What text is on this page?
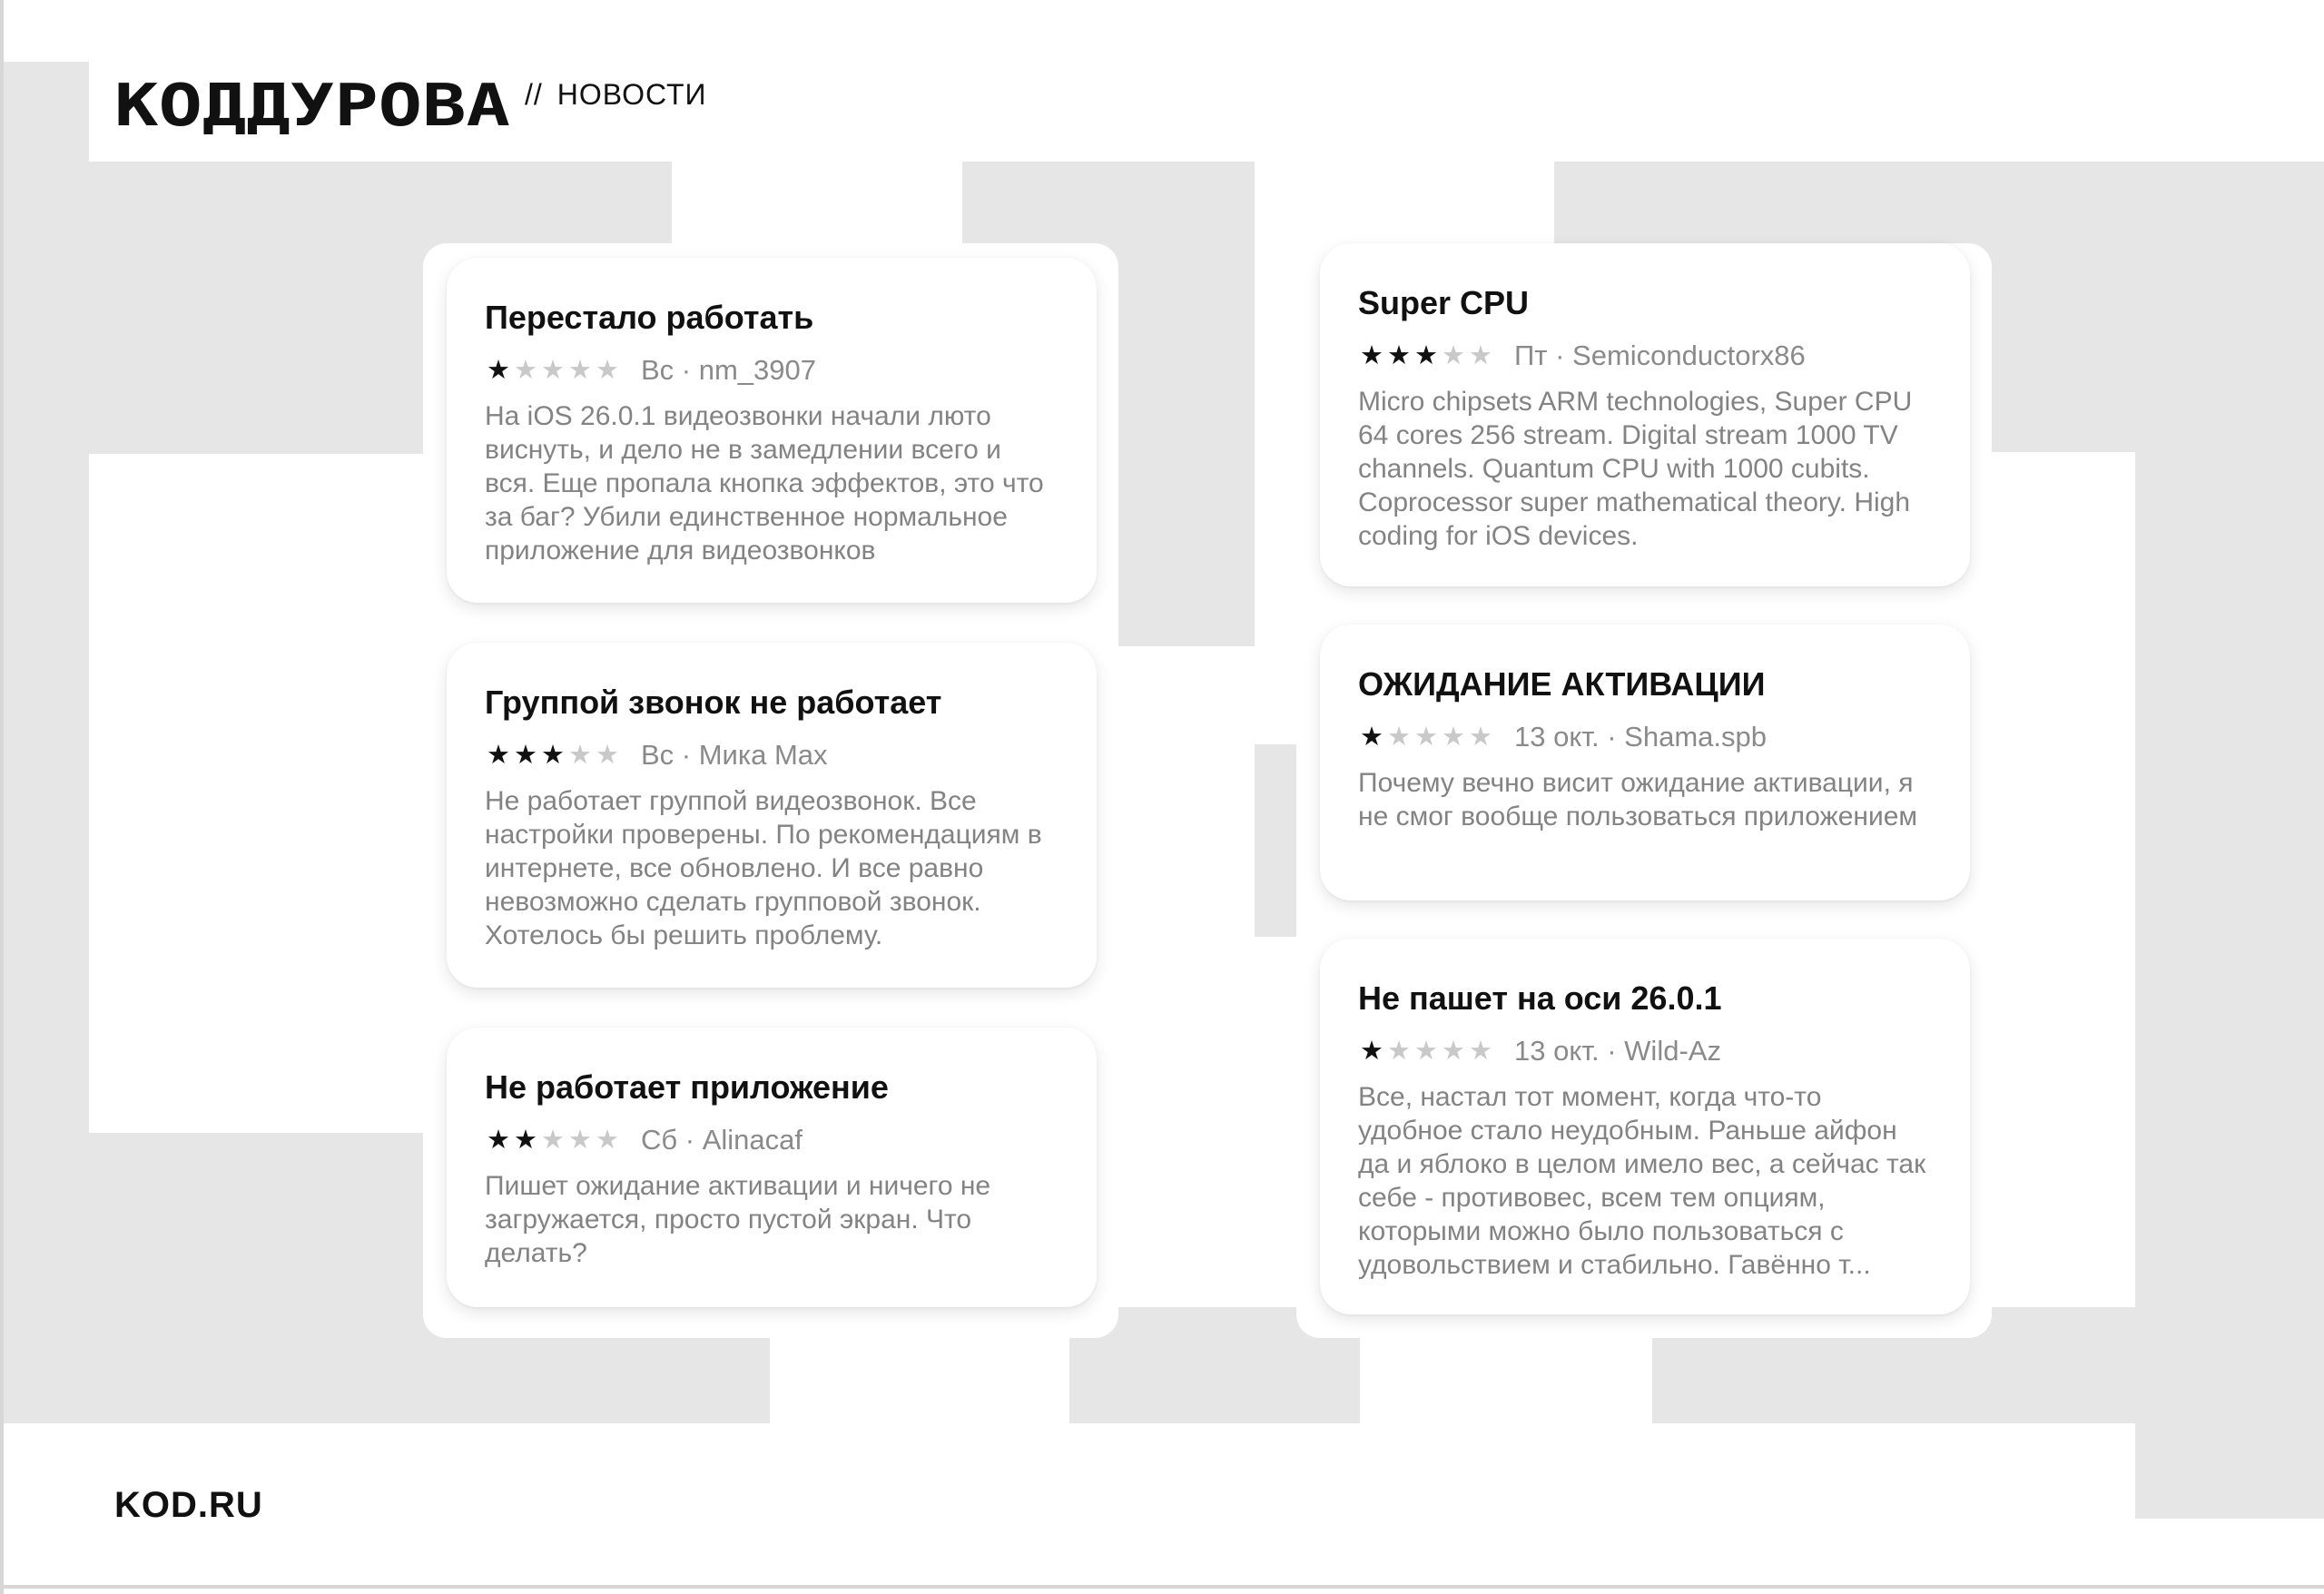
КОДДУРОВА // НОВОСТИ
Перестало работать
★ ★ ★ ★ ★ Вс · nm_3907
На iOS 26.0.1 видеозвонки начали люто виснуть, и дело не в замедлении всего и вся. Еще пропала кнопка эффектов, это что за баг? Убили единственное нормальное приложение для видеозвонков
Группой звонок не работает
★ ★ ★ ★ ★ Вс · Мика Max
Не работает группой видеозвонок. Все настройки проверены. По рекомендациям в интернете, все обновлено. И все равно невозможно сделать групповой звонок. Хотелось бы решить проблему.
Не работает приложение
★ ★ ★ ★ ★ Сб · Alinacaf
Пишет ожидание активации и ничего не загружается, просто пустой экран. Что делать?
Super CPU
★ ★ ★ ★ ★ Пт · Semiconductorx86
Micro chipsets ARM technologies, Super CPU 64 cores 256 stream. Digital stream 1000 TV channels. Quantum CPU with 1000 cubits. Coprocessor super mathematical theory. High coding for iOS devices.
ОЖИДАНИЕ АКТИВАЦИИ
★ ★ ★ ★ ★ 13 окт. · Shama.spb
Почему вечно висит ожидание активации, я не смог вообще пользоваться приложением
Не пашет на оси 26.0.1
★ ★ ★ ★ ★ 13 окт. · Wild-Az
Все, настал тот момент, когда что-то удобное стало неудобным. Раньше айфон да и яблоко в целом имело вес, а сейчас так себе - противовес, всем тем опциям, которыми можно было пользоваться с удовольствием и стабильно. Гавённо т...
KOD.RU
